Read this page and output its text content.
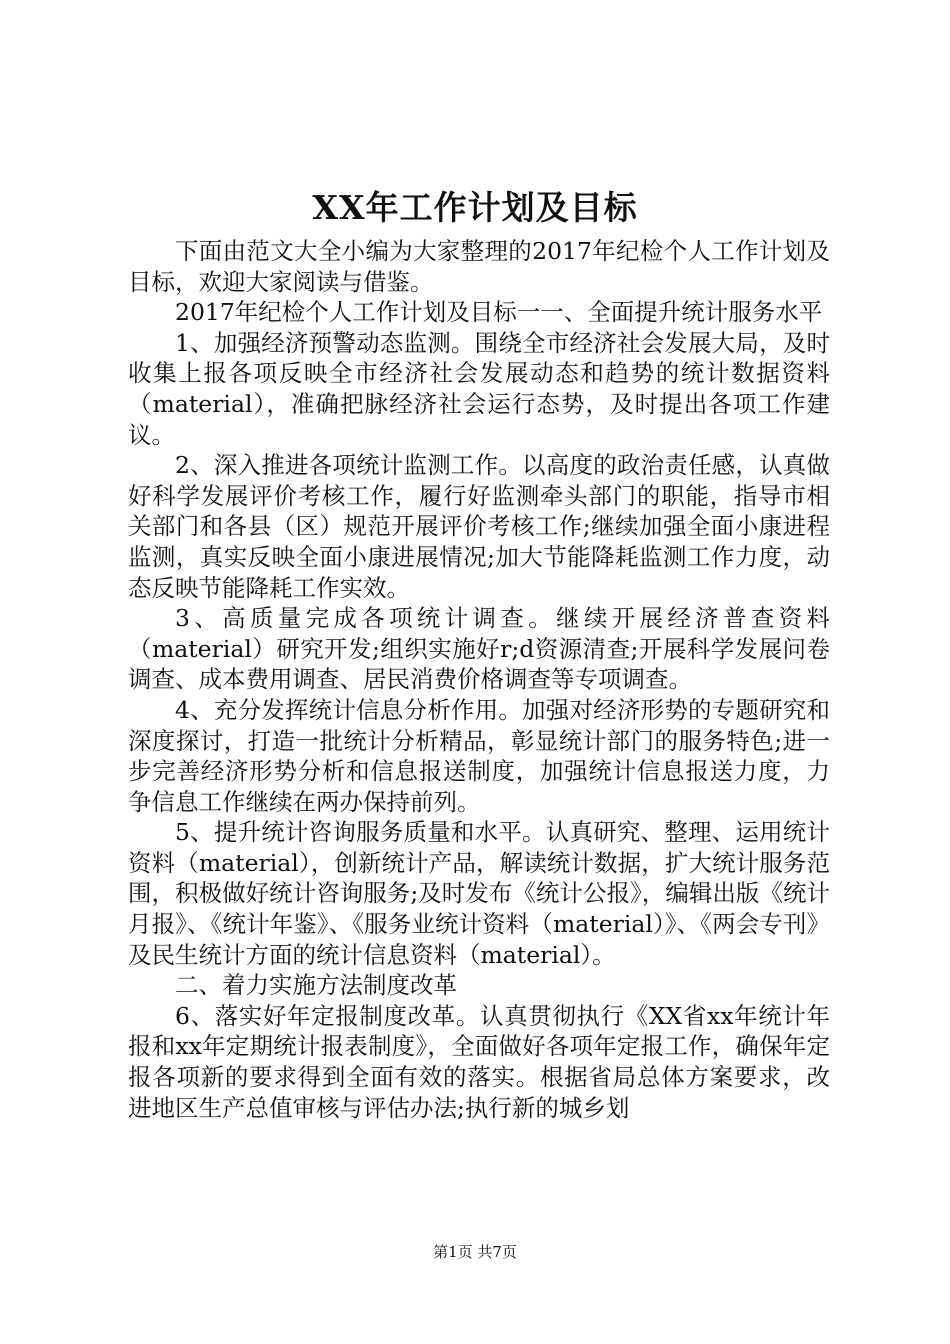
XX年工作计划及目标

下面由范文大全小编为大家整理的2017年纪检个人工作计划及目标，欢迎大家阅读与借鉴。

2017年纪检个人工作计划及目标一一、全面提升统计服务水平

1、加强经济预警动态监测。围绕全市经济社会发展大局，及时收集上报各项反映全市经济社会发展动态和趋势的统计数据资料（material），准确把脉经济社会运行态势，及时提出各项工作建议。

2、深入推进各项统计监测工作。以高度的政治责任感，认真做好科学发展评价考核工作，履行好监测牵头部门的职能，指导市相关部门和各县（区）规范开展评价考核工作;继续加强全面小康进程监测，真实反映全面小康进展情况;加大节能降耗监测工作力度，动态反映节能降耗工作实效。

3、高质量完成各项统计调查。继续开展经济普查资料（material）研究开发;组织实施好r;d资源清查;开展科学发展问卷调查、成本费用调查、居民消费价格调查等专项调查。

4、充分发挥统计信息分析作用。加强对经济形势的专题研究和深度探讨，打造一批统计分析精品，彰显统计部门的服务特色;进一步完善经济形势分析和信息报送制度，加强统计信息报送力度，力争信息工作继续在两办保持前列。

5、提升统计咨询服务质量和水平。认真研究、整理、运用统计资料（material），创新统计产品，解读统计数据，扩大统计服务范围，积极做好统计咨询服务;及时发布《统计公报》，编辑出版《统计月报》、《统计年鉴》、《服务业统计资料（material）》、《两会专刊》及民生统计方面的统计信息资料（material）。

二、着力实施方法制度改革

6、落实好年定报制度改革。认真贯彻执行《XX省xx年统计年报和xx年定期统计报表制度》，全面做好各项年定报工作，确保年定报各项新的要求得到全面有效的落实。根据省局总体方案要求，改进地区生产总值审核与评估办法;执行新的城乡划

第1页 共7页
